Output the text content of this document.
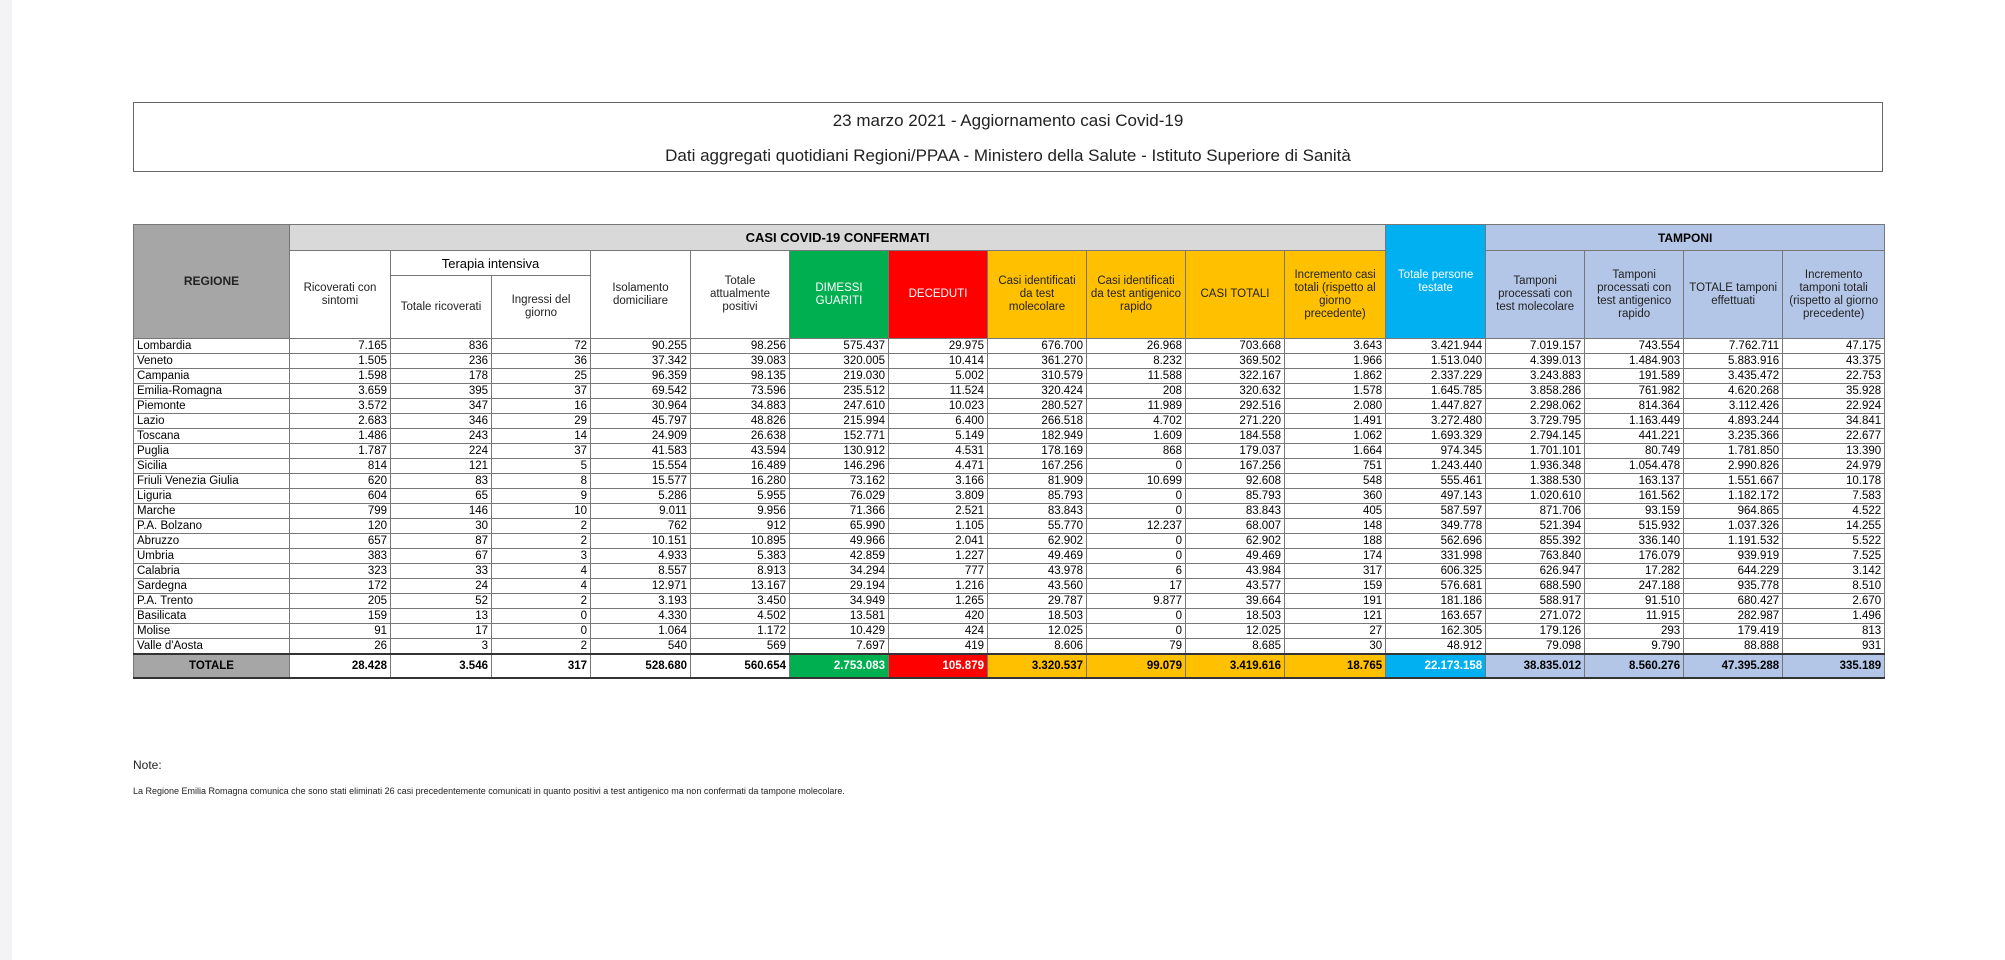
23 marzo 2021 - Aggiornamento casi Covid-19
Dati aggregati quotidiani Regioni/PPAA - Ministero della Salute - Istituto Superiore di Sanità
REGIONE	CASI COVID-19 CONFERMATI											Totale persone testate	TAMPONI			
	Ricoverati con sintomi	Terapia intensiva		Isolamento domiciliare	Totale attualmente positivi	DIMESSI GUARITI	DECEDUTI	Casi identificati da test molecolare	Casi identificati da test antigenico rapido	CASI TOTALI	Incremento casi totali (rispetto al giorno precedente)		Tamponi processati con test molecolare	Tamponi processati con test antigenico rapido	TOTALE tamponi effettuati	Incremento tamponi totali (rispetto al giorno precedente)
		Totale ricoverati	Ingressi del giorno													
Lombardia	7.165	836	72	90.255	98.256	575.437	29.975	676.700	26.968	703.668	3.643	3.421.944	7.019.157	743.554	7.762.711	47.175
Veneto	1.505	236	36	37.342	39.083	320.005	10.414	361.270	8.232	369.502	1.966	1.513.040	4.399.013	1.484.903	5.883.916	43.375
Campania	1.598	178	25	96.359	98.135	219.030	5.002	310.579	11.588	322.167	1.862	2.337.229	3.243.883	191.589	3.435.472	22.753
Emilia-Romagna	3.659	395	37	69.542	73.596	235.512	11.524	320.424	208	320.632	1.578	1.645.785	3.858.286	761.982	4.620.268	35.928
Piemonte	3.572	347	16	30.964	34.883	247.610	10.023	280.527	11.989	292.516	2.080	1.447.827	2.298.062	814.364	3.112.426	22.924
Lazio	2.683	346	29	45.797	48.826	215.994	6.400	266.518	4.702	271.220	1.491	3.272.480	3.729.795	1.163.449	4.893.244	34.841
Toscana	1.486	243	14	24.909	26.638	152.771	5.149	182.949	1.609	184.558	1.062	1.693.329	2.794.145	441.221	3.235.366	22.677
Puglia	1.787	224	37	41.583	43.594	130.912	4.531	178.169	868	179.037	1.664	974.345	1.701.101	80.749	1.781.850	13.390
Sicilia	814	121	5	15.554	16.489	146.296	4.471	167.256	0	167.256	751	1.243.440	1.936.348	1.054.478	2.990.826	24.979
Friuli Venezia Giulia	620	83	8	15.577	16.280	73.162	3.166	81.909	10.699	92.608	548	555.461	1.388.530	163.137	1.551.667	10.178
Liguria	604	65	9	5.286	5.955	76.029	3.809	85.793	0	85.793	360	497.143	1.020.610	161.562	1.182.172	7.583
Marche	799	146	10	9.011	9.956	71.366	2.521	83.843	0	83.843	405	587.597	871.706	93.159	964.865	4.522
P.A. Bolzano	120	30	2	762	912	65.990	1.105	55.770	12.237	68.007	148	349.778	521.394	515.932	1.037.326	14.255
Abruzzo	657	87	2	10.151	10.895	49.966	2.041	62.902	0	62.902	188	562.696	855.392	336.140	1.191.532	5.522
Umbria	383	67	3	4.933	5.383	42.859	1.227	49.469	0	49.469	174	331.998	763.840	176.079	939.919	7.525
Calabria	323	33	4	8.557	8.913	34.294	777	43.978	6	43.984	317	606.325	626.947	17.282	644.229	3.142
Sardegna	172	24	4	12.971	13.167	29.194	1.216	43.560	17	43.577	159	576.681	688.590	247.188	935.778	8.510
P.A. Trento	205	52	2	3.193	3.450	34.949	1.265	29.787	9.877	39.664	191	181.186	588.917	91.510	680.427	2.670
Basilicata	159	13	0	4.330	4.502	13.581	420	18.503	0	18.503	121	163.657	271.072	11.915	282.987	1.496
Molise	91	17	0	1.064	1.172	10.429	424	12.025	0	12.025	27	162.305	179.126	293	179.419	813
Valle d'Aosta	26	3	2	540	569	7.697	419	8.606	79	8.685	30	48.912	79.098	9.790	88.888	931
TOTALE	28.428	3.546	317	528.680	560.654	2.753.083	105.879	3.320.537	99.079	3.419.616	18.765	22.173.158	38.835.012	8.560.276	47.395.288	335.189
Note:
La Regione Emilia Romagna comunica che sono stati eliminati 26 casi precedentemente comunicati in quanto positivi a test antigenico ma non confermati da tampone molecolare.
